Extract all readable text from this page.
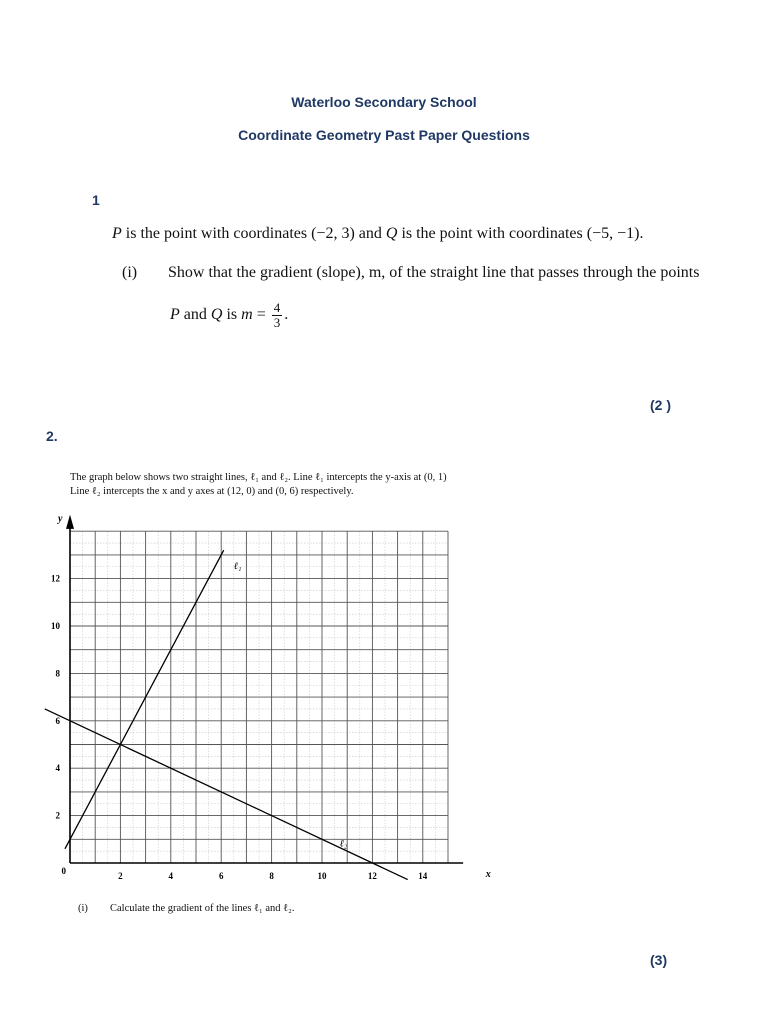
Waterloo Secondary School
Coordinate Geometry Past Paper Questions
1
P is the point with coordinates (−2, 3) and Q is the point with coordinates (−5, −1).
(i) Show that the gradient (slope), m, of the straight line that passes through the points
P and Q is $m = \frac{4}{3}$ .
(2 )
2.
The graph below shows two straight lines, ℓ₁ and ℓ₂. Line ℓ₁ intercepts the y-axis at (0, 1)
Line ℓ₂ intercepts the x and y axes at (12, 0) and (0, 6) respectively.
2	4	6	8	10	12	14
2
4
6
8
10
12
0	x
y
ℓ₁
ℓ₂
(i) Calculate the gradient of the lines ℓ₁ and ℓ₂.
(3)
